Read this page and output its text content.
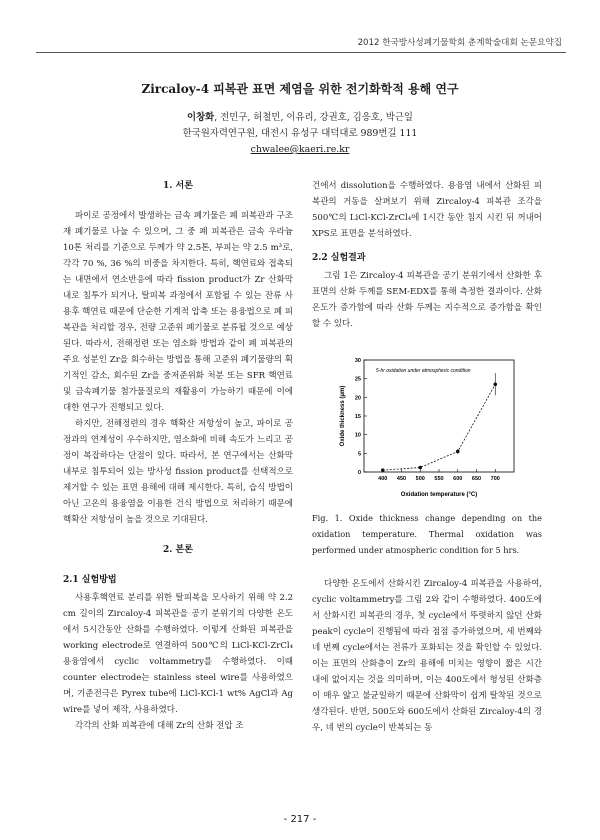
2012 한국방사성폐기물학회 춘계학술대회 논문요약집
Zircaloy-4 피복관 표면 제염을 위한 전기화학적 용해 연구
이창화, 전민구, 허철민, 이유리, 강권호, 김응호, 박근일
한국원자력연구원, 대전시 유성구 대덕대로 989번길 111
chwalee@kaeri.re.kr
1. 서론

파이로 공정에서 발생하는 금속 폐기물은 폐 피복관과 구조재 폐기물로 나눌 수 있으며, 그 중 폐 피복관은 금속 우라늄 10톤 처리를 기준으로 두께가 약 2.5톤, 부피는 약 2.5 m³로, 각각 70 %, 36 %의 비중을 차지한다. 특히, 핵연료와 접촉되는 내면에서 연소반응에 따라 fission product가 Zr 산화막 내로 침투가 되거나, 탈피복 과정에서 포함될 수 있는 잔류 사용후 핵연료 때문에 단순한 기계적 압축 또는 용융법으로 폐 피복관을 처리할 경우, 전량 고준위 폐기물로 분류될 것으로 예상된다. 따라서, 전해정련 또는 염소화 방법과 같이 폐 피복관의 주요 성분인 Zr을 회수하는 방법을 통해 고준위 폐기물량의 획기적인 감소, 회수된 Zr을 중저준위화 처분 또는 SFR 핵연료 및 금속폐기물 첨가물질로의 재활용이 가능하기 때문에 이에 대한 연구가 진행되고 있다.

하지만, 전해정련의 경우 핵확산 저항성이 높고, 파이로 공정과의 연계성이 우수하지만, 염소화에 비해 속도가 느리고 공정이 복잡하다는 단점이 있다. 따라서, 본 연구에서는 산화막 내부로 침투되어 있는 방사성 fission product를 선택적으로 제거할 수 있는 표면 용해에 대해 제시한다. 특히, 습식 방법이 아닌 고온의 용융염을 이용한 건식 방법으로 처리하기 때문에 핵확산 저항성이 높을 것으로 기대된다.

2. 본론
2.1 실험방법

사용후핵연료 분리를 위한 탈피복을 모사하기 위해 약 2.2 cm 길이의 Zircaloy-4 피복관을 공기 분위기의 다양한 온도에서 5시간동안 산화를 수행하였다. 이렇게 산화된 피복관을 working electrode로 연결하여 500℃의 LiCl-KCl-ZrCl₄ 용융염에서 cyclic voltammetry를 수행하였다. 이때 counter electrode는 stainless steel wire를 사용하였으며, 기준전극은 Pyrex tube에 LiCl-KCl-1 wt% AgCl과 Ag wire를 넣어 제작, 사용하였다.

각각의 산화 피복관에 대해 Zr의 산화 전압 조

건에서 dissolution을 수행하였다. 용융염 내에서 산화된 피복관의 거동을 살펴보기 위해 Zircaloy-4 피복관 조각을 500℃의 LiCl-KCl-ZrCl₄에 1시간 동안 침지 시킨 뒤 꺼내어 XPS로 표면을 분석하였다.

2.2 실험결과

그림 1은 Zircaloy-4 피복관을 공기 분위기에서 산화한 후 표면의 산화 두께를 SEM-EDX를 통해 측정한 결과이다. 산화 온도가 증가함에 따라 산화 두께는 지수적으로 증가함을 확인할 수 있다.

400 450 500 550 600 650 700
0
5
10
15
20
25
30
Oxidation temperature (°C)
Oxide thickness (μm)
5-hr oxidation under atmospheric condition

Fig. 1. Oxide thickness change depending on the oxidation temperature. Thermal oxidation was performed under atmospheric condition for 5 hrs.

다양한 온도에서 산화시킨 Zircaloy-4 피복관을 사용하여, cyclic voltammetry를 그림 2와 같이 수행하였다. 400도에서 산화시킨 피복관의 경우, 첫 cycle에서 뚜렷하지 않던 산화 peak이 cycle이 진행됨에 따라 점점 증가하였으며, 세 번째와 네 번째 cycle에서는 전류가 포화되는 것을 확인할 수 있었다. 이는 표면의 산화층이 Zr의 용해에 미치는 영향이 짧은 시간 내에 없어지는 것을 의미하며, 이는 400도에서 형성된 산화층이 매우 얇고 불균일하기 때문에 산화막이 쉽게 탈착된 것으로 생각된다. 반면, 500도와 600도에서 산화된 Zircaloy-4의 경우, 네 번의 cycle이 반복되는 동

- 217 -
